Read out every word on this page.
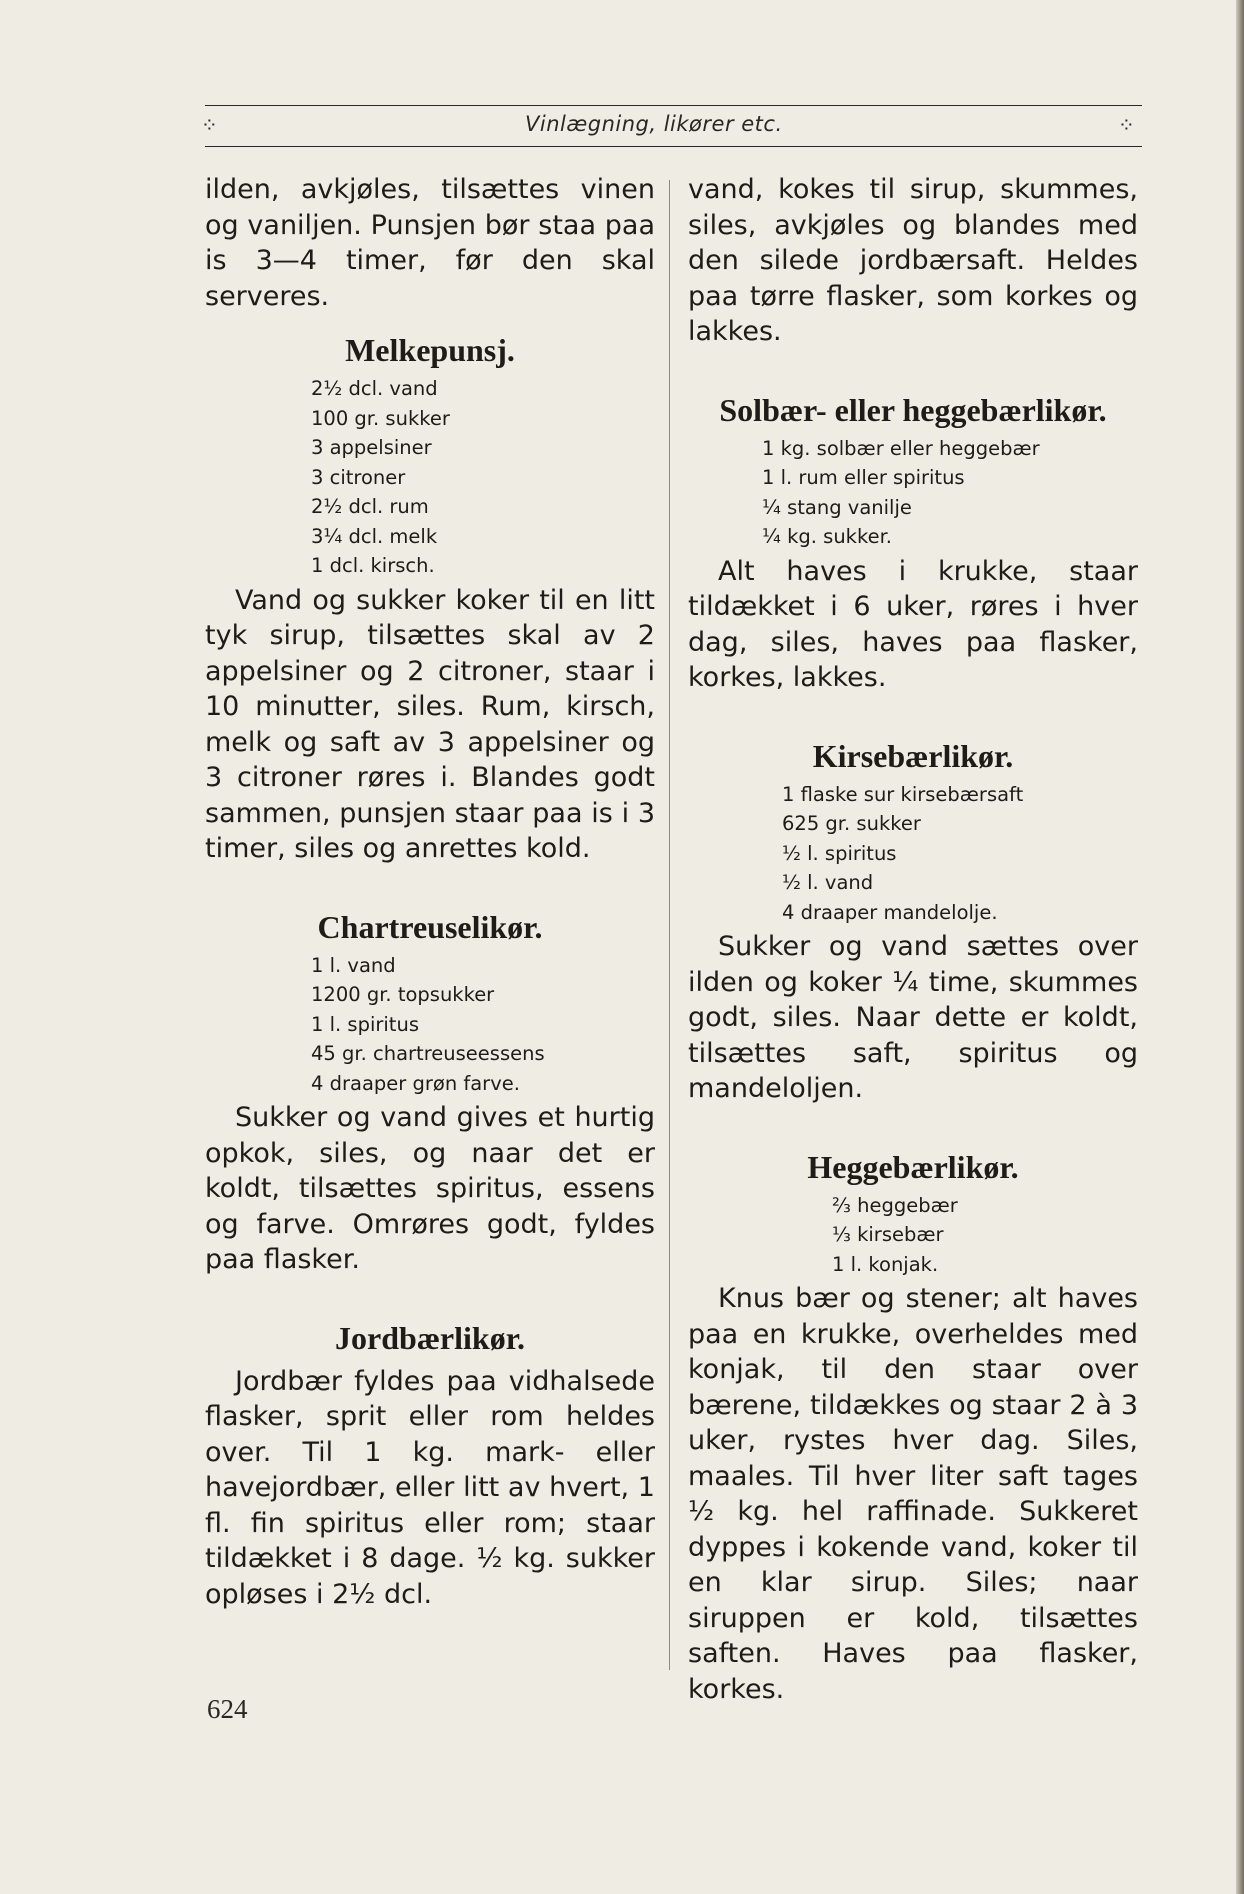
⁘	Vinlægning, likører etc.	⁘

ilden, avkjøles, tilsættes vinen og vaniljen. Punsjen bør staa paa is 3—4 timer, før den skal serveres.

Melkepunsj.
2½ dcl. vand
100 gr. sukker
3 appelsiner
3 citroner
2½ dcl. rum
3¼ dcl. melk
1 dcl. kirsch.

Vand og sukker koker til en litt tyk sirup, tilsættes skal av 2 appelsiner og 2 citroner, staar i 10 minutter, siles. Rum, kirsch, melk og saft av 3 appelsiner og 3 citroner røres i. Blandes godt sammen, punsjen staar paa is i 3 timer, siles og anrettes kold.

Chartreuselikør.
1 l. vand
1200 gr. topsukker
1 l. spiritus
45 gr. chartreuseessens
4 draaper grøn farve.

Sukker og vand gives et hurtig opkok, siles, og naar det er koldt, tilsættes spiritus, essens og farve. Omrøres godt, fyldes paa flasker.

Jordbærlikør.

Jordbær fyldes paa vidhalsede flasker, sprit eller rom heldes over. Til 1 kg. mark- eller havejordbær, eller litt av hvert, 1 fl. fin spiritus eller rom; staar tildækket i 8 dage. ½ kg. sukker opløses i 2½ dcl.

vand, kokes til sirup, skummes, siles, avkjøles og blandes med den silede jordbærsaft. Heldes paa tørre flasker, som korkes og lakkes.

Solbær- eller heggebærlikør.
1 kg. solbær eller heggebær
1 l. rum eller spiritus
¼ stang vanilje
¼ kg. sukker.

Alt haves i krukke, staar tildækket i 6 uker, røres i hver dag, siles, haves paa flasker, korkes, lakkes.

Kirsebærlikør.
1 flaske sur kirsebærsaft
625 gr. sukker
½ l. spiritus
½ l. vand
4 draaper mandelolje.

Sukker og vand sættes over ilden og koker ¼ time, skummes godt, siles. Naar dette er koldt, tilsættes saft, spiritus og mandeloljen.

Heggebærlikør.
⅔ heggebær
⅓ kirsebær
1 l. konjak.

Knus bær og stener; alt haves paa en krukke, overheldes med konjak, til den staar over bærene, tildækkes og staar 2 à 3 uker, rystes hver dag. Siles, maales. Til hver liter saft tages ½ kg. hel raffinade. Sukkeret dyppes i kokende vand, koker til en klar sirup. Siles; naar siruppen er kold, tilsættes saften. Haves paa flasker, korkes.

624
